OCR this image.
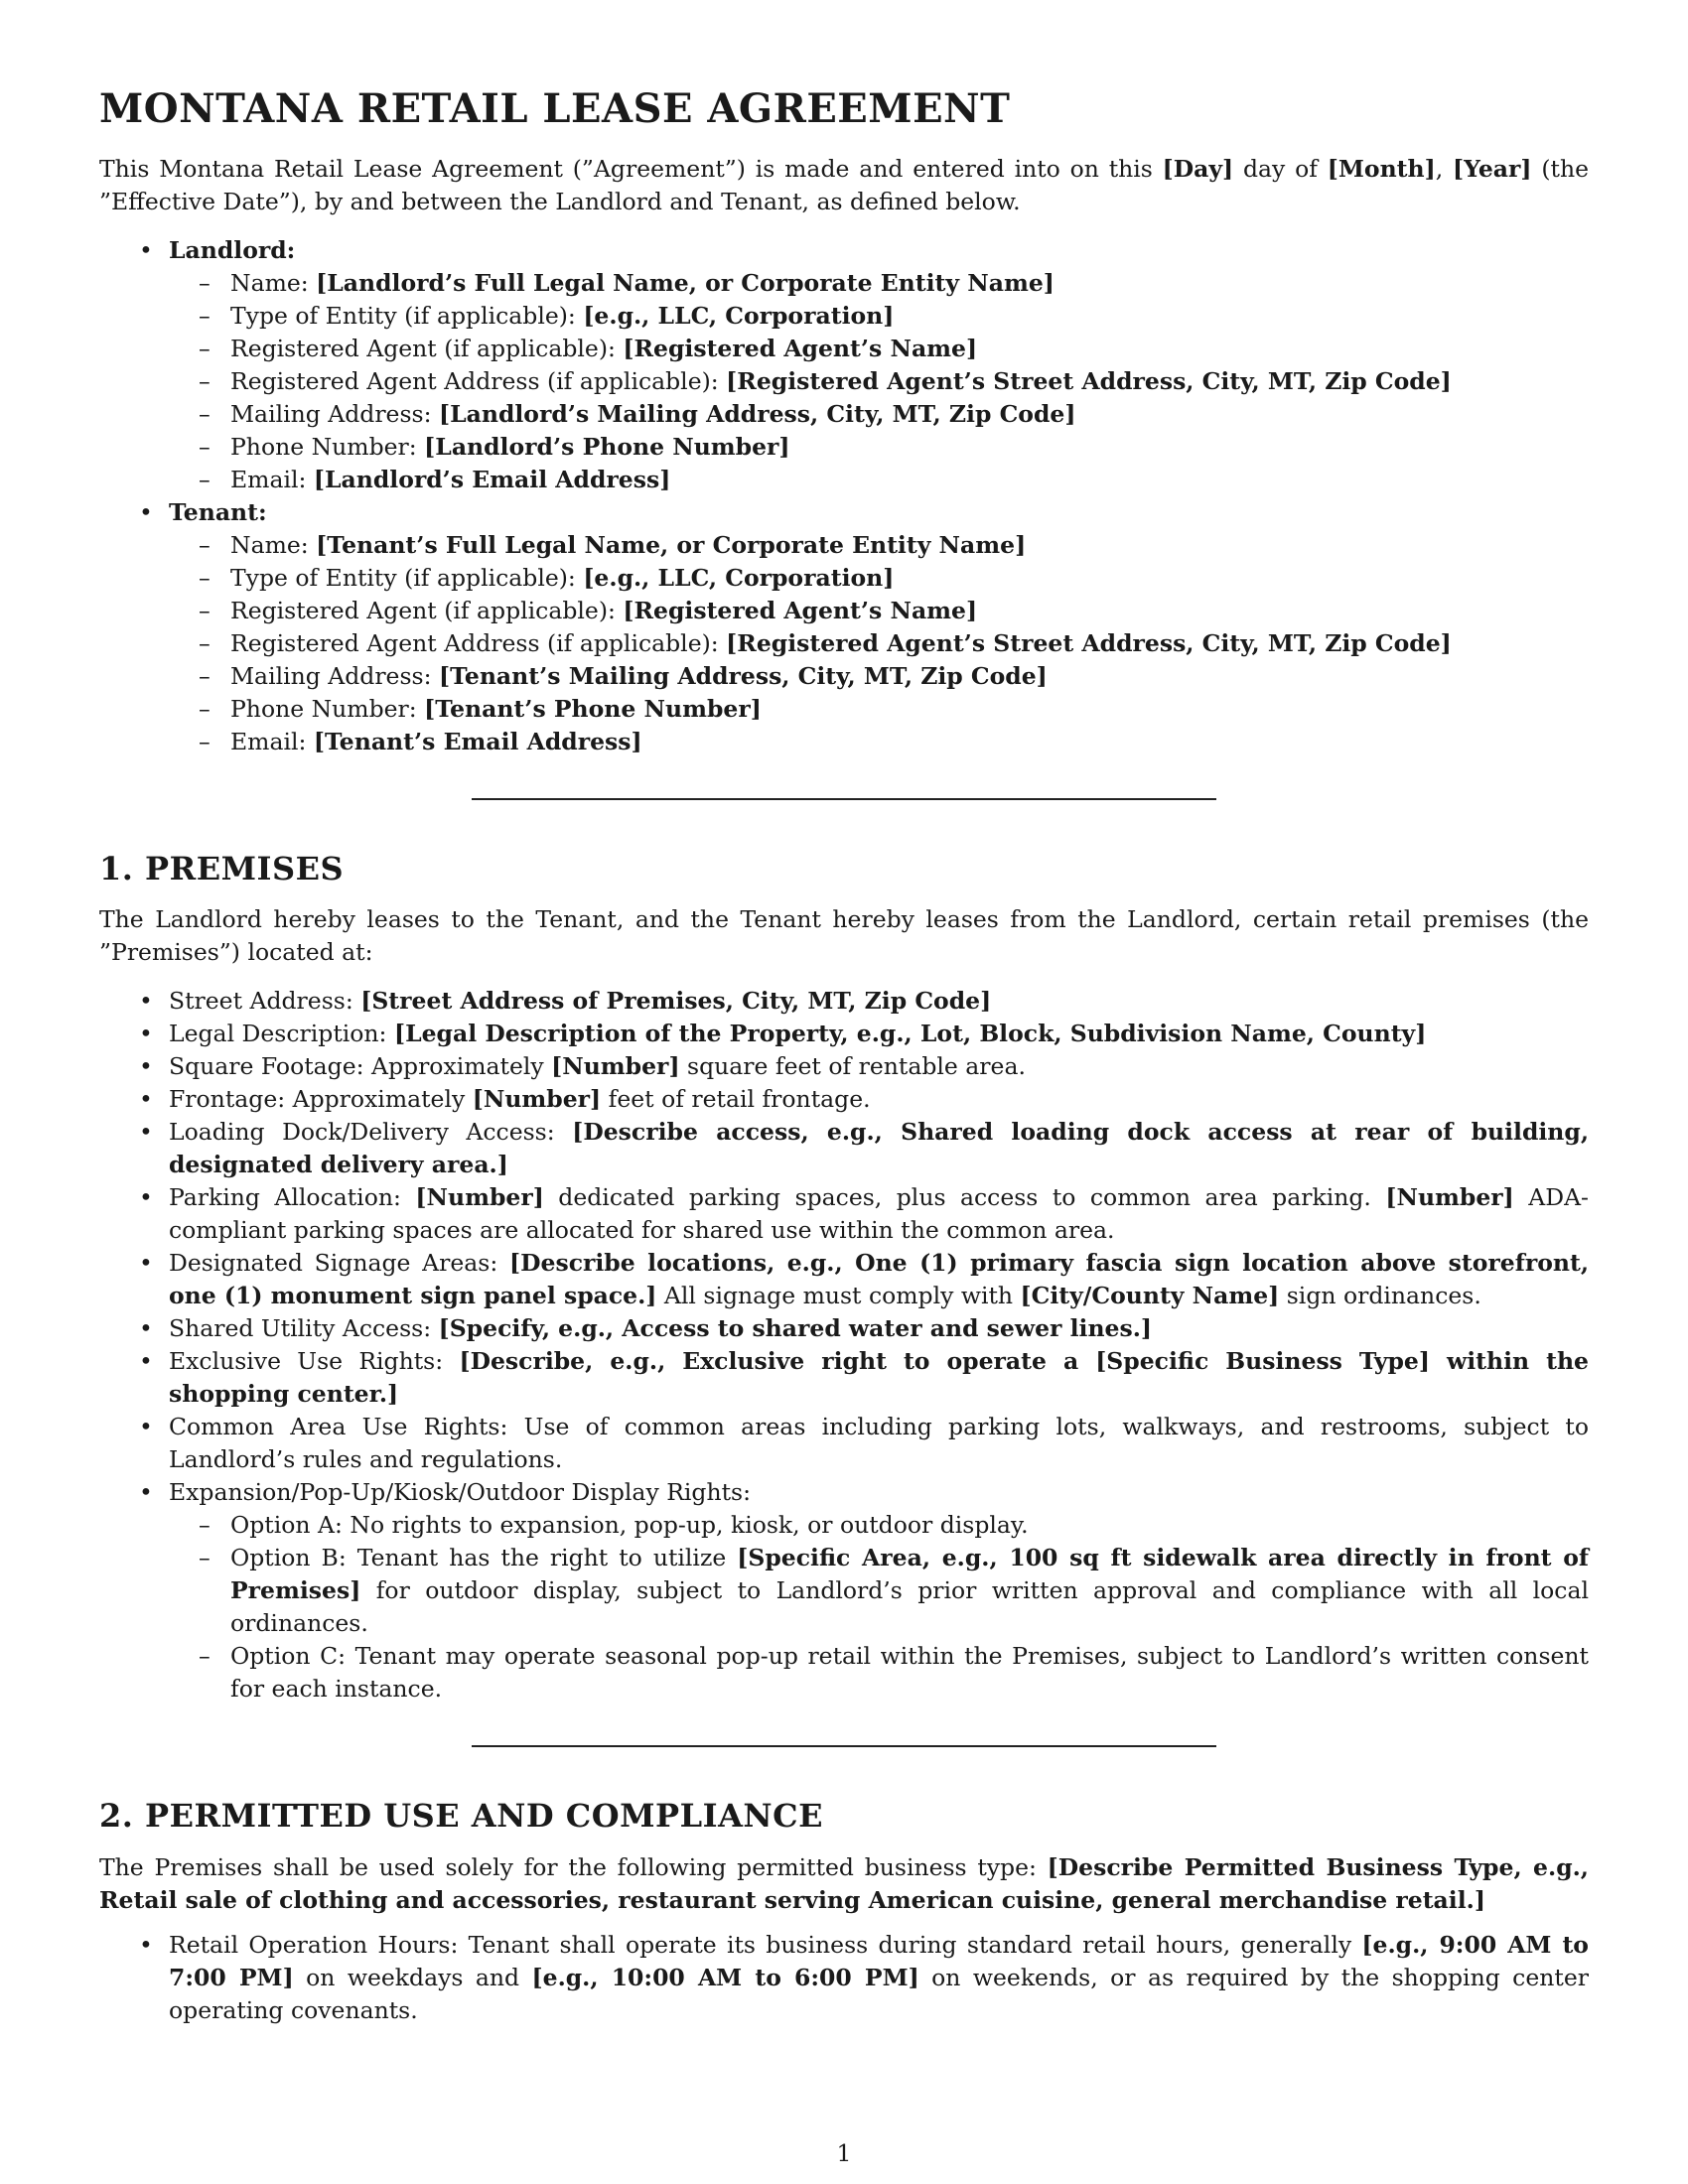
MONTANA RETAIL LEASE AGREEMENT

This Montana Retail Lease Agreement (”Agreement”) is made and entered into on this [Day] day of [Month], [Year] (the ”Effective Date”), by and between the Landlord and Tenant, as defined below.

• Landlord:
– Name: [Landlord’s Full Legal Name, or Corporate Entity Name]
– Type of Entity (if applicable): [e.g., LLC, Corporation]
– Registered Agent (if applicable): [Registered Agent’s Name]
– Registered Agent Address (if applicable): [Registered Agent’s Street Address, City, MT, Zip Code]
– Mailing Address: [Landlord’s Mailing Address, City, MT, Zip Code]
– Phone Number: [Landlord’s Phone Number]
– Email: [Landlord’s Email Address]
• Tenant:
– Name: [Tenant’s Full Legal Name, or Corporate Entity Name]
– Type of Entity (if applicable): [e.g., LLC, Corporation]
– Registered Agent (if applicable): [Registered Agent’s Name]
– Registered Agent Address (if applicable): [Registered Agent’s Street Address, City, MT, Zip Code]
– Mailing Address: [Tenant’s Mailing Address, City, MT, Zip Code]
– Phone Number: [Tenant’s Phone Number]
– Email: [Tenant’s Email Address]
1. PREMISES

The Landlord hereby leases to the Tenant, and the Tenant hereby leases from the Landlord, certain retail premises (the ”Premises”) located at:

• Street Address: [Street Address of Premises, City, MT, Zip Code]
• Legal Description: [Legal Description of the Property, e.g., Lot, Block, Subdivision Name, County]
• Square Footage: Approximately [Number] square feet of rentable area.
• Frontage: Approximately [Number] feet of retail frontage.
• Loading Dock/Delivery Access: [Describe access, e.g., Shared loading dock access at rear of building, designated delivery area.]
• Parking Allocation: [Number] dedicated parking spaces, plus access to common area parking. [Number] ADA-compliant parking spaces are allocated for shared use within the common area.
• Designated Signage Areas: [Describe locations, e.g., One (1) primary fascia sign location above storefront, one (1) monument sign panel space.] All signage must comply with [City/County Name] sign ordinances.
• Shared Utility Access: [Specify, e.g., Access to shared water and sewer lines.]
• Exclusive Use Rights: [Describe, e.g., Exclusive right to operate a [Specific Business Type] within the shopping center.]
• Common Area Use Rights: Use of common areas including parking lots, walkways, and restrooms, subject to Landlord’s rules and regulations.
• Expansion/Pop-Up/Kiosk/Outdoor Display Rights:
– Option A: No rights to expansion, pop-up, kiosk, or outdoor display.
– Option B: Tenant has the right to utilize [Specific Area, e.g., 100 sq ft sidewalk area directly in front of Premises] for outdoor display, subject to Landlord’s prior written approval and compliance with all local ordinances.
– Option C: Tenant may operate seasonal pop-up retail within the Premises, subject to Landlord’s written consent for each instance.
2. PERMITTED USE AND COMPLIANCE

The Premises shall be used solely for the following permitted business type: [Describe Permitted Business Type, e.g., Retail sale of clothing and accessories, restaurant serving American cuisine, general merchandise retail.]

• Retail Operation Hours: Tenant shall operate its business during standard retail hours, generally [e.g., 9:00 AM to 7:00 PM] on weekdays and [e.g., 10:00 AM to 6:00 PM] on weekends, or as required by the shopping center operating covenants.
1
